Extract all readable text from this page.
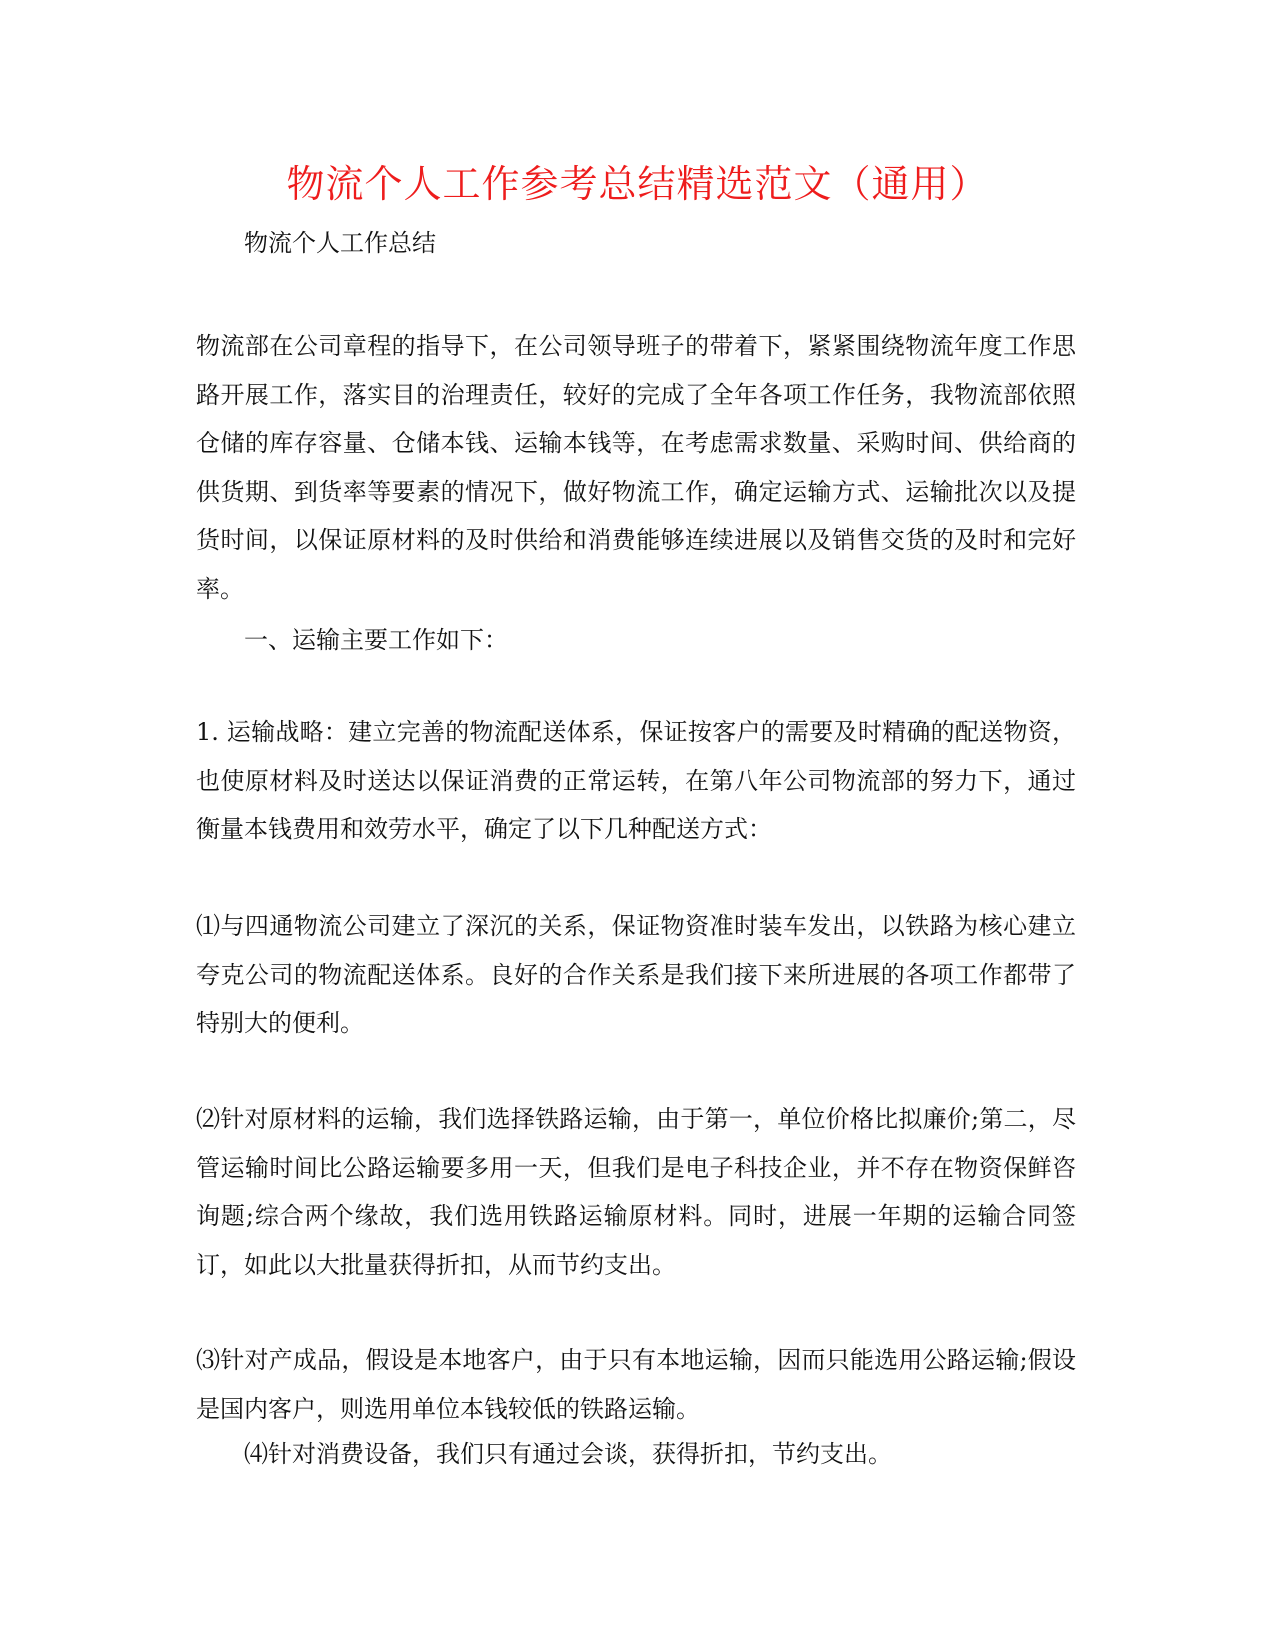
物流个人工作参考总结精选范文（通用）
物流个人工作总结

物流部在公司章程的指导下，在公司领导班子的带着下，紧紧围绕物流年度工作思路开展工作，落实目的治理责任，较好的完成了全年各项工作任务，我物流部依照仓储的库存容量、仓储本钱、运输本钱等，在考虑需求数量、采购时间、供给商的供货期、到货率等要素的情况下，做好物流工作，确定运输方式、运输批次以及提货时间，以保证原材料的及时供给和消费能够连续进展以及销售交货的及时和完好率。

一、运输主要工作如下：

1. 运输战略：建立完善的物流配送体系，保证按客户的需要及时精确的配送物资，也使原材料及时送达以保证消费的正常运转，在第八年公司物流部的努力下，通过衡量本钱费用和效劳水平，确定了以下几种配送方式：

⑴与四通物流公司建立了深沉的关系，保证物资准时装车发出，以铁路为核心建立夸克公司的物流配送体系。良好的合作关系是我们接下来所进展的各项工作都带了特别大的便利。

⑵针对原材料的运输，我们选择铁路运输，由于第一，单位价格比拟廉价;第二，尽管运输时间比公路运输要多用一天，但我们是电子科技企业，并不存在物资保鲜咨询题;综合两个缘故，我们选用铁路运输原材料。同时，进展一年期的运输合同签订，如此以大批量获得折扣，从而节约支出。

⑶针对产成品，假设是本地客户，由于只有本地运输，因而只能选用公路运输;假设是国内客户，则选用单位本钱较低的铁路运输。

⑷针对消费设备，我们只有通过会谈，获得折扣，节约支出。
